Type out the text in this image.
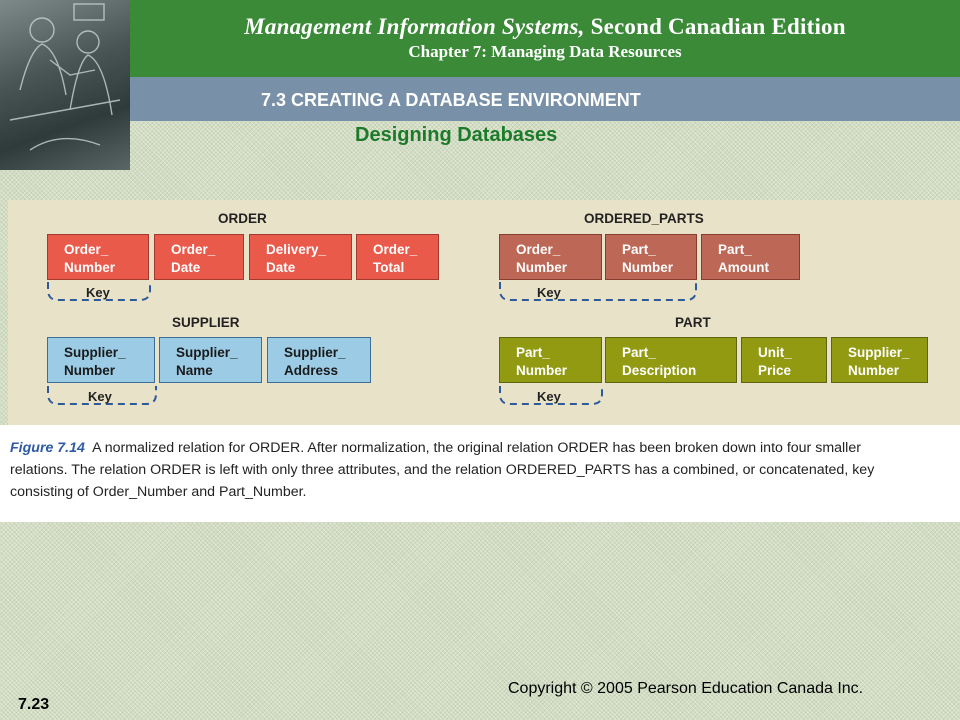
Management Information Systems, Second Canadian Edition
Chapter 7: Managing Data Resources
7.3 CREATING A DATABASE ENVIRONMENT
Designing Databases
ORDER
Order_
Number
Order_
Date
Delivery_
Date
Order_
Total
Key
ORDERED_PARTS
Order_
Number
Part_
Number
Part_
Amount
Key
SUPPLIER
Supplier_
Number
Supplier_
Name
Supplier_
Address
Key
PART
Part_
Number
Part_
Description
Unit_
Price
Supplier_
Number
Key
Figure 7.14 A normalized relation for ORDER. After normalization, the original relation ORDER has been broken down into four smaller
relations. The relation ORDER is left with only three attributes, and the relation ORDERED_PARTS has a combined, or concatenated, key
consisting of Order_Number and Part_Number.
Copyright © 2005 Pearson Education Canada Inc.
7.23
